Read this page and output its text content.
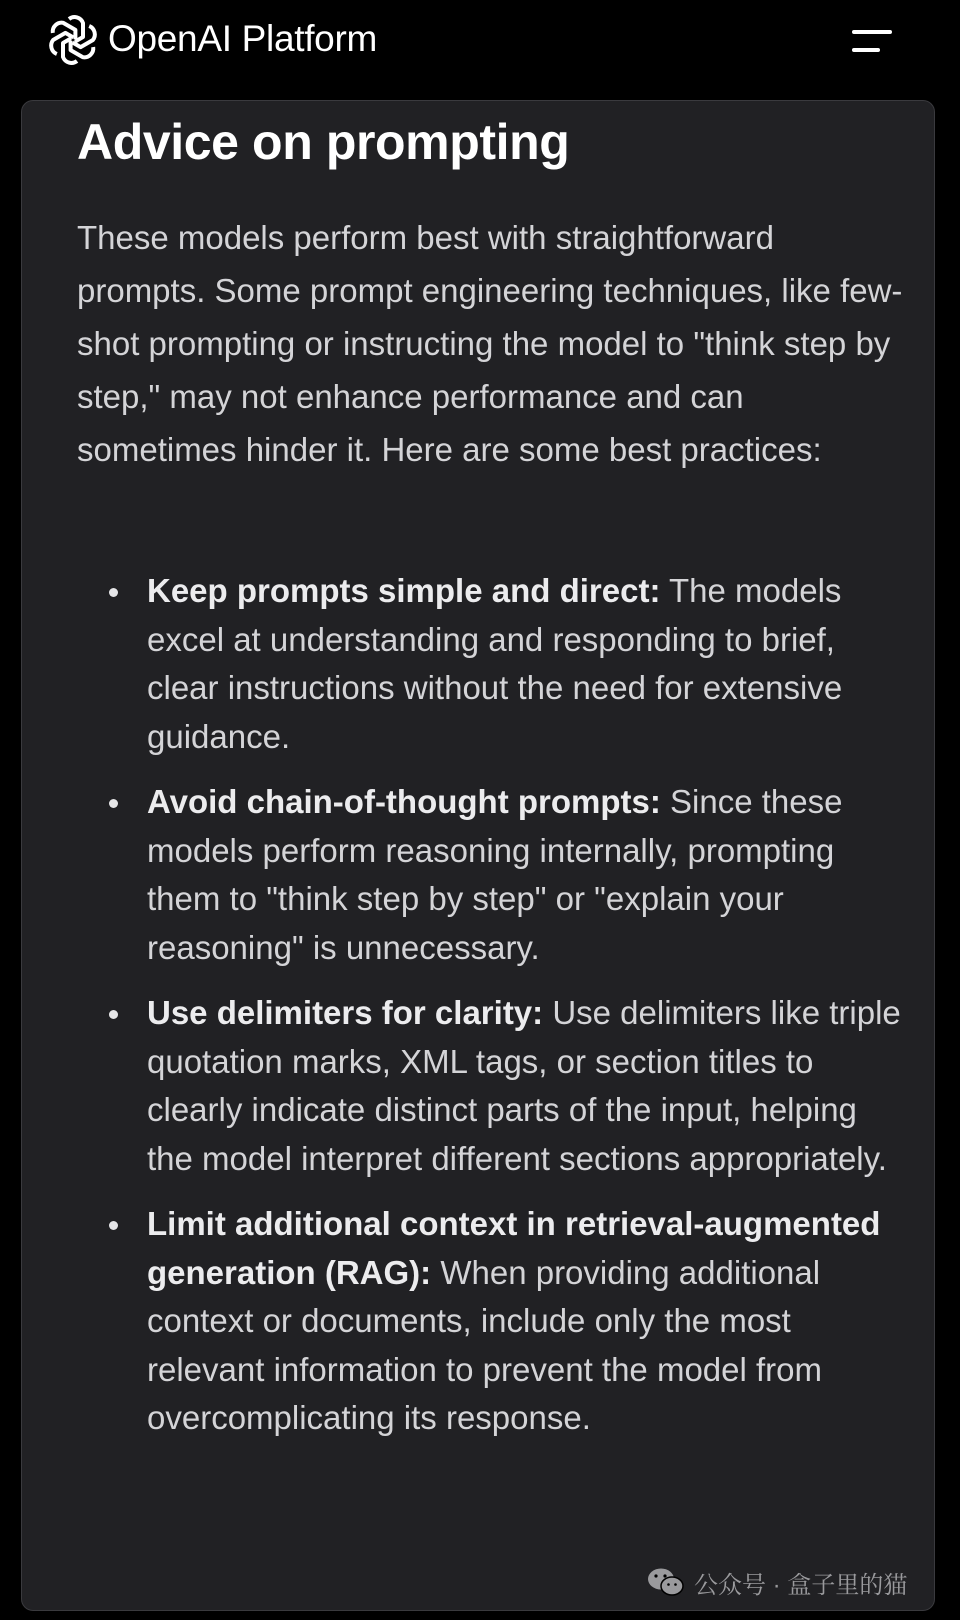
OpenAI Platform
Advice on prompting

These models perform best with straightforward prompts. Some prompt engineering techniques, like few-shot prompting or instructing the model to "think step by step," may not enhance performance and can sometimes hinder it. Here are some best practices:

Keep prompts simple and direct: The models excel at understanding and responding to brief, clear instructions without the need for extensive guidance.
Avoid chain-of-thought prompts: Since these models perform reasoning internally, prompting them to "think step by step" or "explain your reasoning" is unnecessary.
Use delimiters for clarity: Use delimiters like triple quotation marks, XML tags, or section titles to clearly indicate distinct parts of the input, helping the model interpret different sections appropriately.
Limit additional context in retrieval-augmented generation (RAG): When providing additional context or documents, include only the most relevant information to prevent the model from overcomplicating its response.
公众号 · 盒子里的猫
